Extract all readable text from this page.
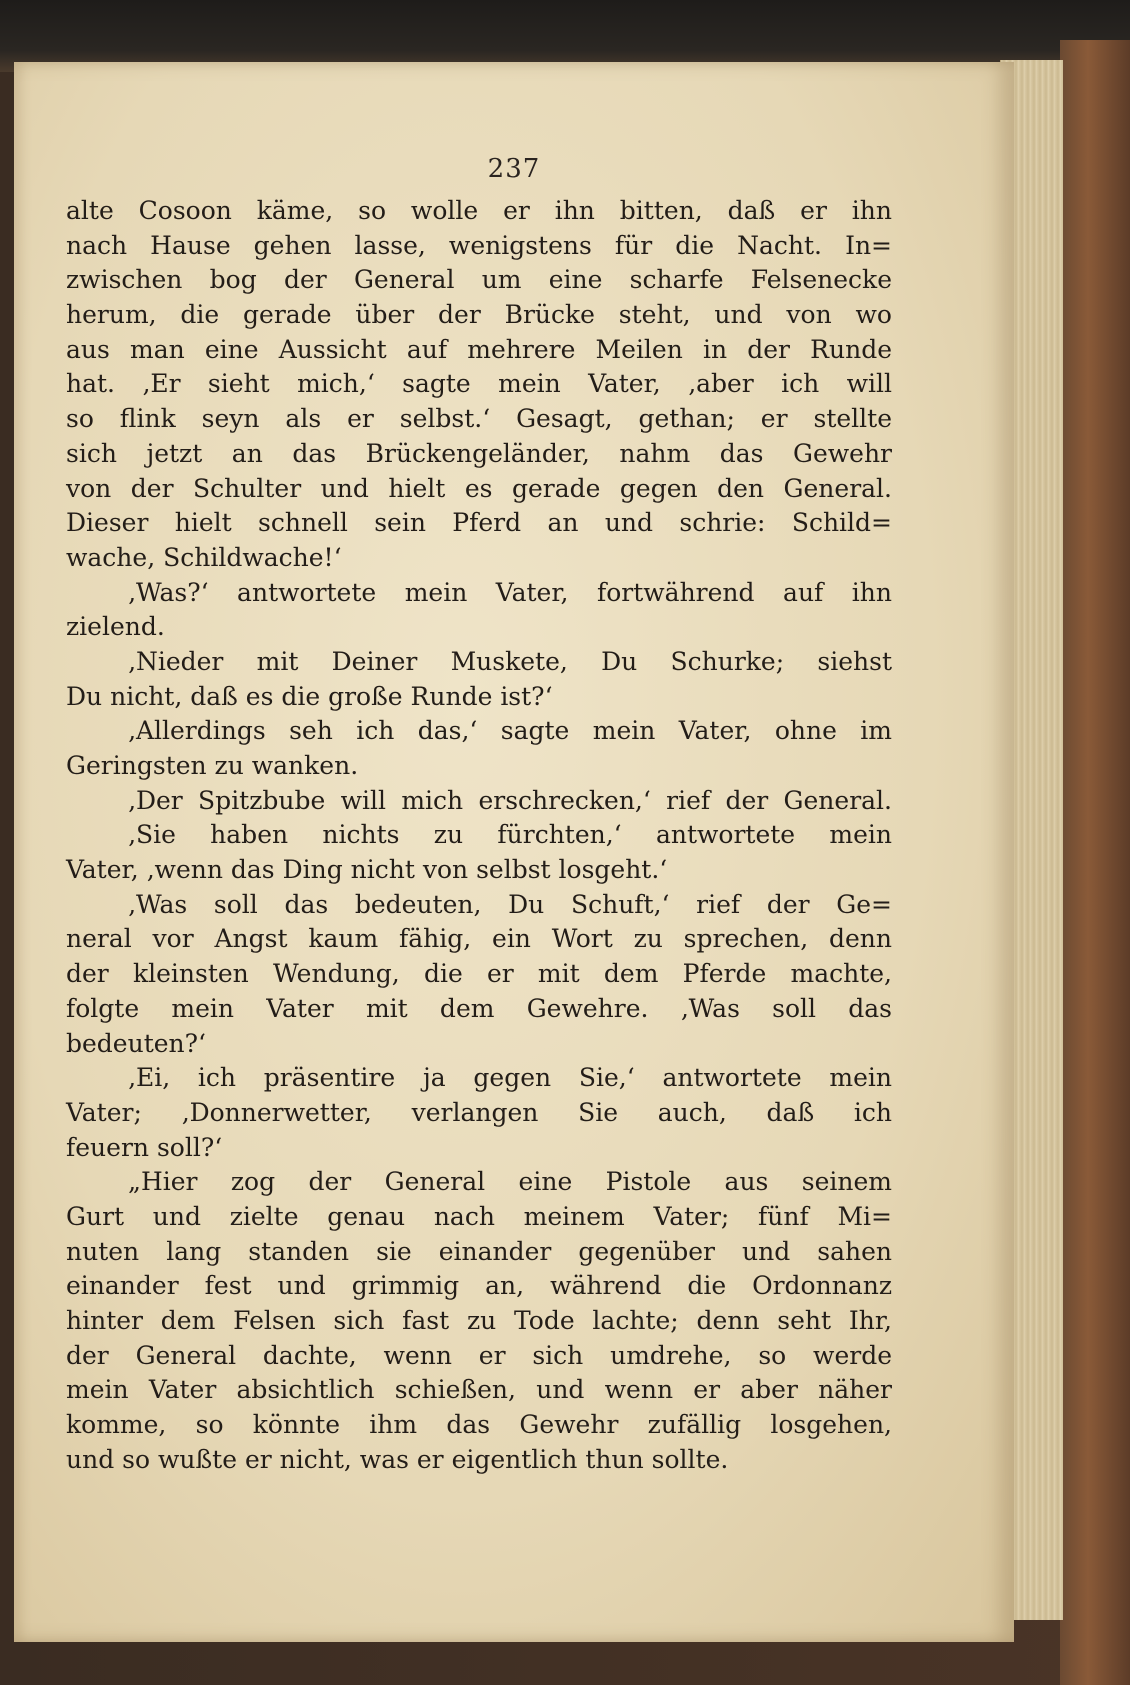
237
alte Cosoon käme, so wolle er ihn bitten, daß er ihn
nach Hause gehen lasse, wenigstens für die Nacht. In=
zwischen bog der General um eine scharfe Felsenecke
herum, die gerade über der Brücke steht, und von wo
aus man eine Aussicht auf mehrere Meilen in der Runde
hat. ‚Er sieht mich,‘ sagte mein Vater, ‚aber ich will
so flink seyn als er selbst.‘ Gesagt, gethan; er stellte
sich jetzt an das Brückengeländer, nahm das Gewehr
von der Schulter und hielt es gerade gegen den General.
Dieser hielt schnell sein Pferd an und schrie: Schild=
wache, Schildwache!‘
‚Was?‘ antwortete mein Vater, fortwährend auf ihn
zielend.
‚Nieder mit Deiner Muskete, Du Schurke; siehst
Du nicht, daß es die große Runde ist?‘
‚Allerdings seh ich das,‘ sagte mein Vater, ohne im
Geringsten zu wanken.
‚Der Spitzbube will mich erschrecken,‘ rief der General.
‚Sie haben nichts zu fürchten,‘ antwortete mein
Vater, ‚wenn das Ding nicht von selbst losgeht.‘
‚Was soll das bedeuten, Du Schuft,‘ rief der Ge=
neral vor Angst kaum fähig, ein Wort zu sprechen, denn
der kleinsten Wendung, die er mit dem Pferde machte,
folgte mein Vater mit dem Gewehre. ‚Was soll das
bedeuten?‘
‚Ei, ich präsentire ja gegen Sie,‘ antwortete mein
Vater; ‚Donnerwetter, verlangen Sie auch, daß ich
feuern soll?‘
„Hier zog der General eine Pistole aus seinem
Gurt und zielte genau nach meinem Vater; fünf Mi=
nuten lang standen sie einander gegenüber und sahen
einander fest und grimmig an, während die Ordonnanz
hinter dem Felsen sich fast zu Tode lachte; denn seht Ihr,
der General dachte, wenn er sich umdrehe, so werde
mein Vater absichtlich schießen, und wenn er aber näher
komme, so könnte ihm das Gewehr zufällig losgehen,
und so wußte er nicht, was er eigentlich thun sollte.
